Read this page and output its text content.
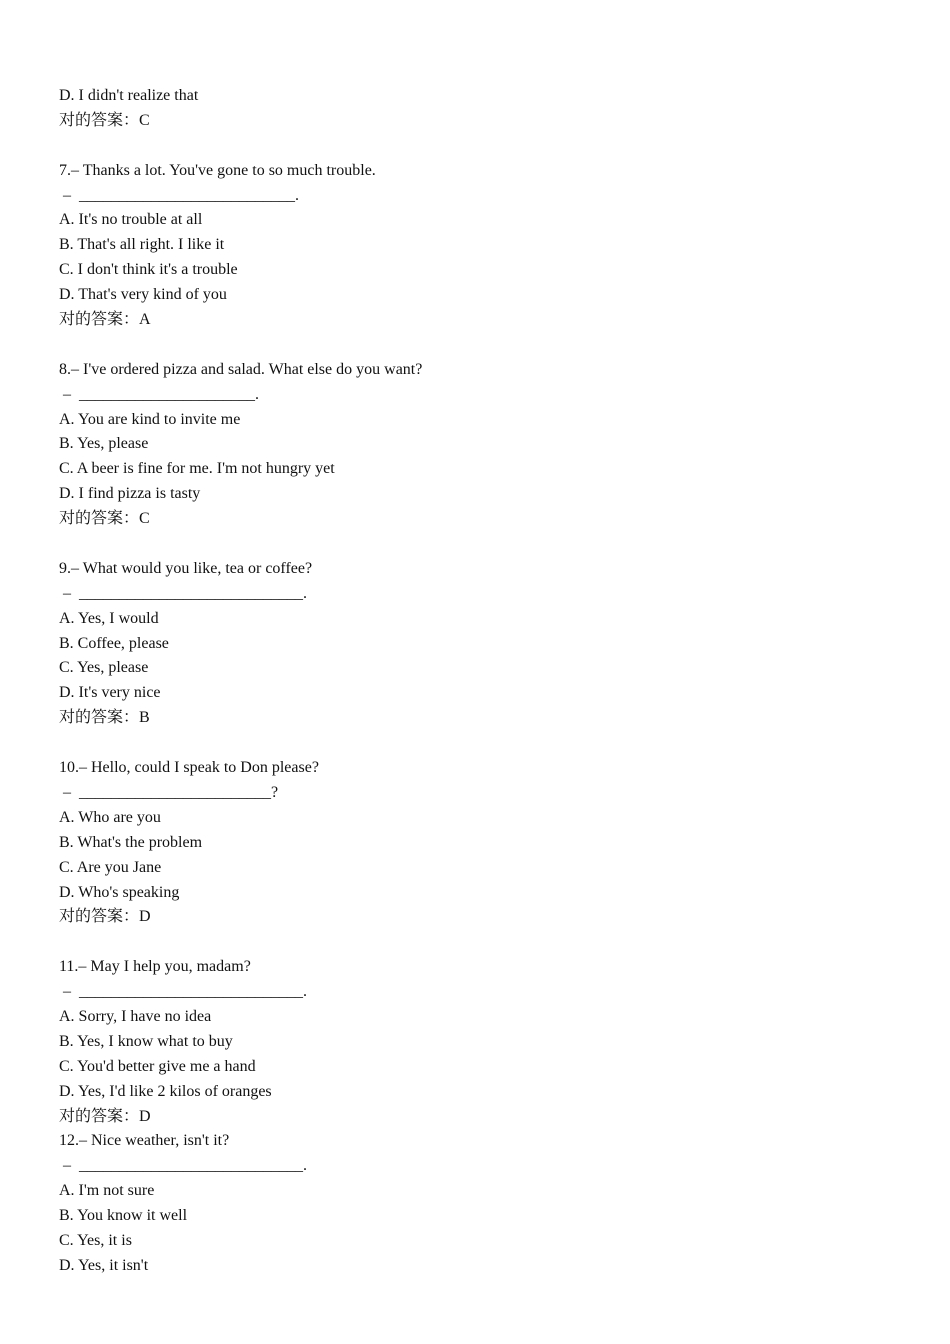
D. I didn't realize that
对的答案：C
7.– Thanks a lot. You've gone to so much trouble.
–  ___________________________.
A. It's no trouble at all
B. That's all right. I like it
C. I don't think it's a trouble
D. That's very kind of you
对的答案：A
8.– I've ordered pizza and salad. What else do you want?
–  ______________________.
A. You are kind to invite me
B. Yes, please
C. A beer is fine for me. I'm not hungry yet
D. I find pizza is tasty
对的答案：C
9.– What would you like, tea or coffee?
–  ____________________________.
A. Yes, I would
B. Coffee, please
C. Yes, please
D. It's very nice
对的答案：B
10.– Hello, could I speak to Don please?
–  ________________________?
A. Who are you
B. What's the problem
C. Are you Jane
D. Who's speaking
对的答案：D
11.– May I help you, madam?
–  ____________________________.
A. Sorry, I have no idea
B. Yes, I know what to buy
C. You'd better give me a hand
D. Yes, I'd like 2 kilos of oranges
对的答案：D
12.– Nice weather, isn't it?
–  ____________________________.
A. I'm not sure
B. You know it well
C. Yes, it is
D. Yes, it isn't
